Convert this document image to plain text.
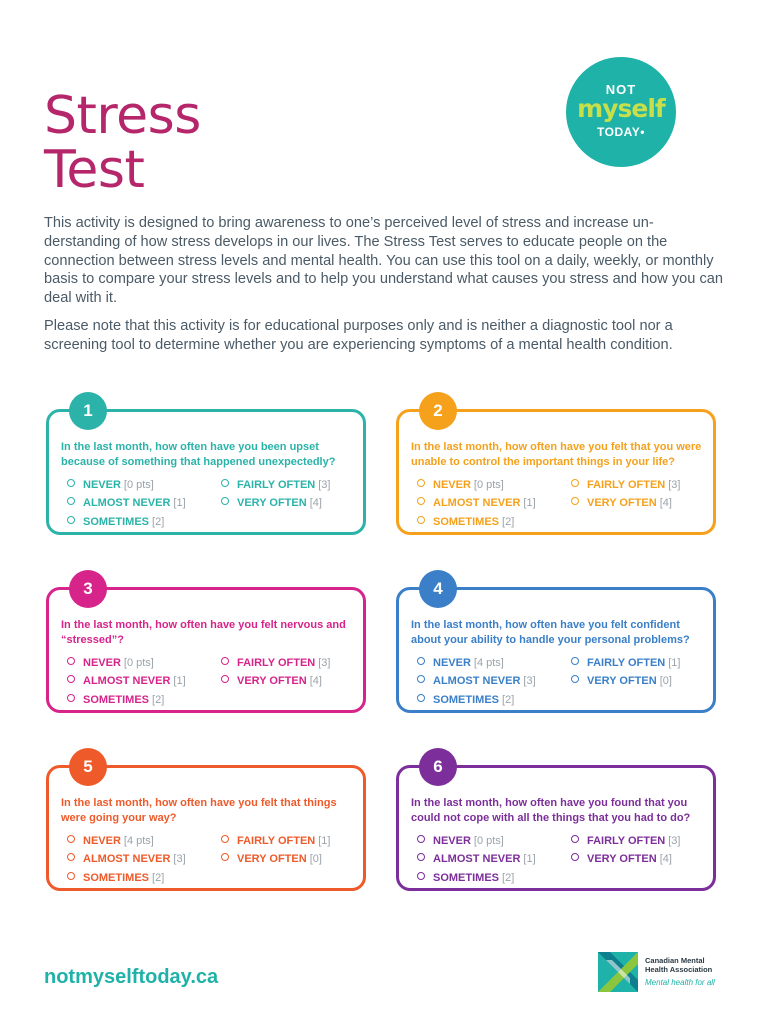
Stress
Test
NOT
myself
TODAY•

This activity is designed to bring awareness to one’s perceived level of stress and increase un-derstanding of how stress develops in our lives. The Stress Test serves to educate people on the connection between stress levels and mental health. You can use this tool on a daily, weekly, or monthly basis to compare your stress levels and to help you understand what causes you stress and how you can deal with it.

Please note that this activity is for educational purposes only and is neither a diagnostic tool nor a screening tool to determine whether you are experiencing symptoms of a mental health condition.

1

In the last month, how often have you been upset because of something that happened unexpectedly?

NEVER [0 pts]
ALMOST NEVER [1]
SOMETIMES [2]
FAIRLY OFTEN [3]
VERY OFTEN [4]
2

In the last month, how often have you felt that you were unable to control the important things in your life?

NEVER [0 pts]
ALMOST NEVER [1]
SOMETIMES [2]
FAIRLY OFTEN [3]
VERY OFTEN [4]
3

In the last month, how often have you felt nervous and “stressed”?

NEVER [0 pts]
ALMOST NEVER [1]
SOMETIMES [2]
FAIRLY OFTEN [3]
VERY OFTEN [4]
4

In the last month, how often have you felt confident about your ability to handle your personal problems?

NEVER [4 pts]
ALMOST NEVER [3]
SOMETIMES [2]
FAIRLY OFTEN [1]
VERY OFTEN [0]
5

In the last month, how often have you felt that things were going your way?

NEVER [4 pts]
ALMOST NEVER [3]
SOMETIMES [2]
FAIRLY OFTEN [1]
VERY OFTEN [0]
6

In the last month, how often have you found that you could not cope with all the things that you had to do?

NEVER [0 pts]
ALMOST NEVER [1]
SOMETIMES [2]
FAIRLY OFTEN [3]
VERY OFTEN [4]
notmyselftoday.ca

Canadian Mental Health Association

Mental health for all
